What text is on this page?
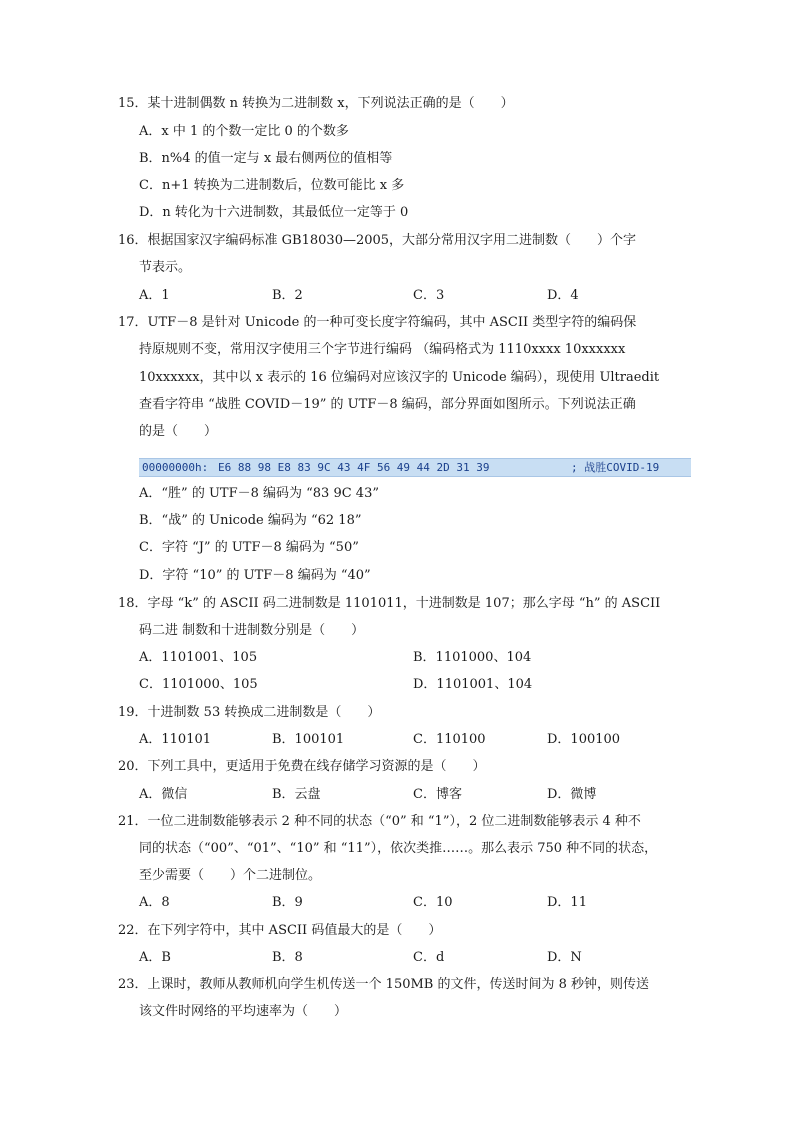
15．某十进制偶数 n 转换为二进制数 x，下列说法正确的是（　　）
A．x 中 1 的个数一定比 0 的个数多
B．n%4 的值一定与 x 最右侧两位的值相等
C．n+1 转换为二进制数后，位数可能比 x 多
D．n 转化为十六进制数，其最低位一定等于 0
16．根据国家汉字编码标准 GB18030—2005，大部分常用汉字用二进制数（　　）个字
节表示。
A．1	B．2	C．3	D．4
17．UTF－8 是针对 Unicode 的一种可变长度字符编码，其中 ASCII 类型字符的编码保
持原规则不变，常用汉字使用三个字节进行编码 （编码格式为 1110xxxx 10xxxxxx
10xxxxxx，其中以 x 表示的 16 位编码对应该汉字的 Unicode 编码），现使用 Ultraedit
查看字符串 “战胜 COVID－19” 的 UTF－8 编码，部分界面如图所示。下列说法正确
的是（　　）
00000000h: E6 88 98 E8 83 9C 43 4F 56 49 44 2D 31 39	; 战胜COVID-19
A．“胜” 的 UTF－8 编码为 “83 9C 43”
B．“战” 的 Unicode 编码为 “62 18”
C．字符 “J” 的 UTF－8 编码为 “50”
D．字符 “10” 的 UTF－8 编码为 “40”
18．字母 “k” 的 ASCII 码二进制数是 1101011，十进制数是 107；那么字母 “h” 的 ASCII
码二进 制数和十进制数分别是（　　）
A．1101001、105	B．1101000、104
C．1101000、105	D．1101001、104
19．十进制数 53 转换成二进制数是（　　）
A．110101	B．100101	C．110100	D．100100
20．下列工具中，更适用于免费在线存储学习资源的是（　　）
A．微信	B．云盘	C．博客	D．微博
21．一位二进制数能够表示 2 种不同的状态（“0” 和 “1”），2 位二进制数能够表示 4 种不
同的状态（“00”、“01”、“10” 和 “11”），依次类推……。那么表示 750 种不同的状态，
至少需要（　　）个二进制位。
A．8	B．9	C．10	D．11
22．在下列字符中，其中 ASCII 码值最大的是（　　）
A．B	B．8	C．d	D．N
23．上课时，教师从教师机向学生机传送一个 150MB 的文件，传送时间为 8 秒钟，则传送
该文件时网络的平均速率为（　　）
